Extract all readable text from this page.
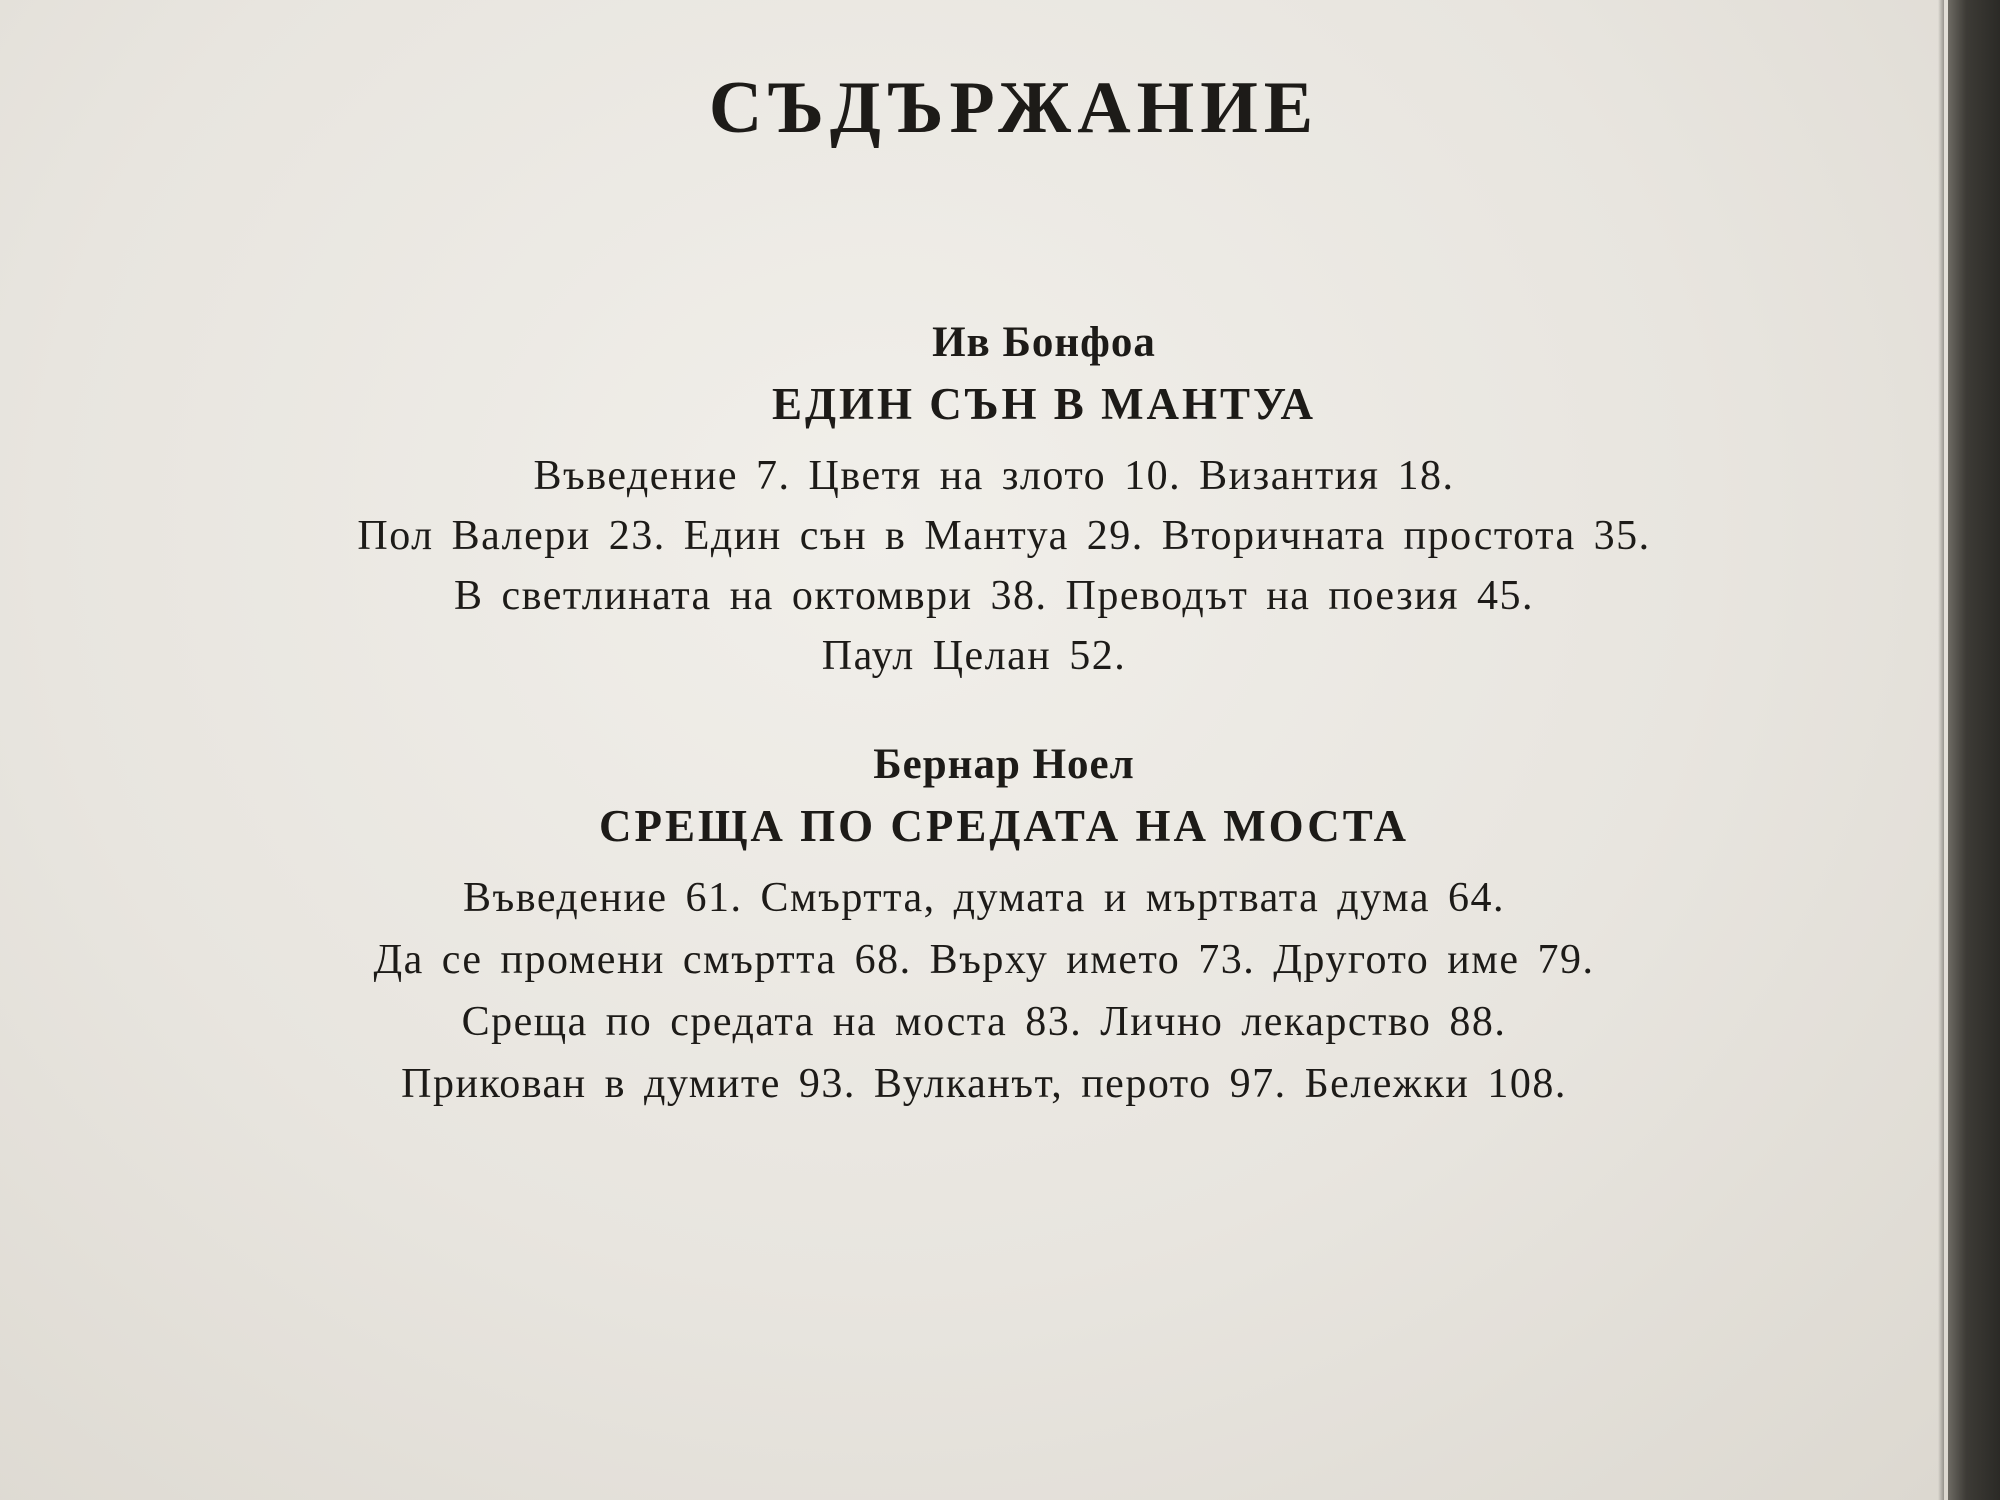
СЪДЪРЖАНИЕ
Ив Бонфоа
ЕДИН СЪН В МАНТУА
Въведение 7. Цветя на злото 10. Византия 18.
Пол Валери 23. Един сън в Мантуа 29. Вторичната простота 35.
В светлината на октомври 38. Преводът на поезия 45.
Паул Целан 52.
Бернар Ноел
СРЕЩА ПО СРЕДАТА НА МОСТА
Въведение 61. Смъртта, думата и мъртвата дума 64.
Да се промени смъртта 68. Върху името 73. Другото име 79.
Среща по средата на моста 83. Лично лекарство 88.
Прикован в думите 93. Вулканът, перото 97. Бележки 108.
